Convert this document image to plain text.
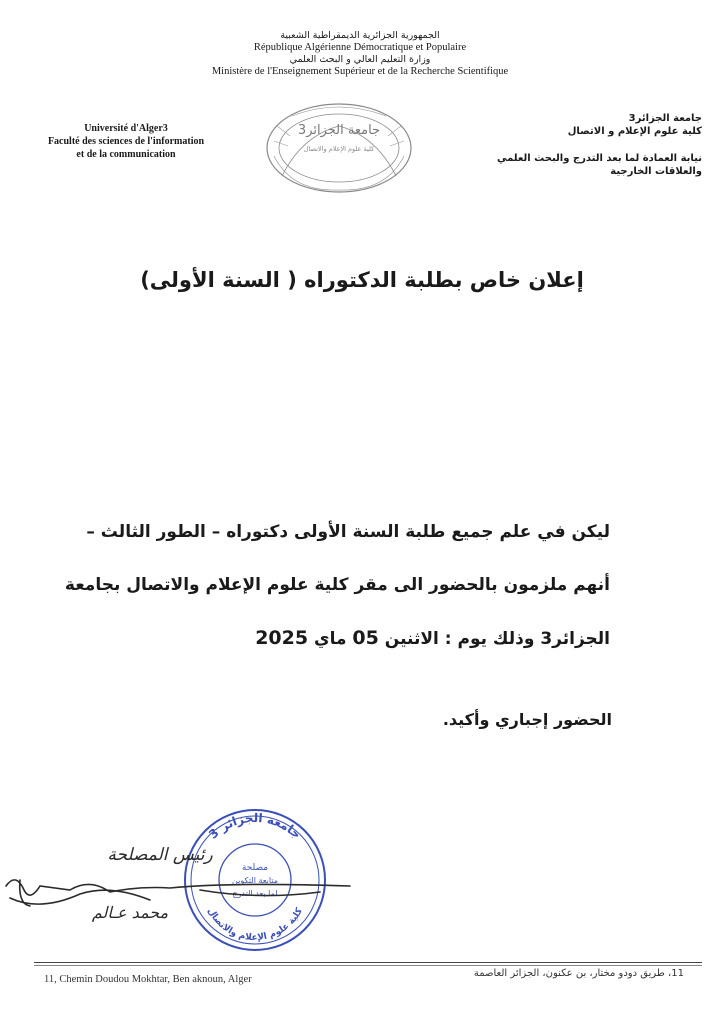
الجمهورية الجزائرية الديمقراطية الشعبية
République Algérienne Démocratique et Populaire
وزارة التعليم العالي و البحث العلمي
Ministère de l'Enseignement Supérieur et de la Recherche Scientifique
Université d'Alger3
Faculté des sciences de l'information
et de la communication
جامعة الجزائر3
كلية علوم الإعلام والاتصال
جامعة الجزائر3
كلية علوم الإعلام و الاتصال
نيابة العمادة لما بعد التدرج والبحث العلمي
والعلاقات الخارجية
إعلان خاص بطلبة الدكتوراه ( السنة الأولى)
ليكن في علم جميع طلبة السنة الأولى دكتوراه – الطور الثالث –
أنهم ملزمون بالحضور الى مقر كلية علوم الإعلام والاتصال بجامعة
الجزائر3 وذلك يوم : الاثنين 05 ماي 2025
الحضور إجباري وأكيد.
جامعة الجزائر 3
كلية علوم الإعلام والاتصال
مصلحة
متابعة التكوين
لما بعد التدرج
رئيس المصلحة
محمد عـالم
11, Chemin Doudou Mokhtar, Ben aknoun, Alger
11، طريق دودو مختار، بن عكنون، الجزائر العاصمة
